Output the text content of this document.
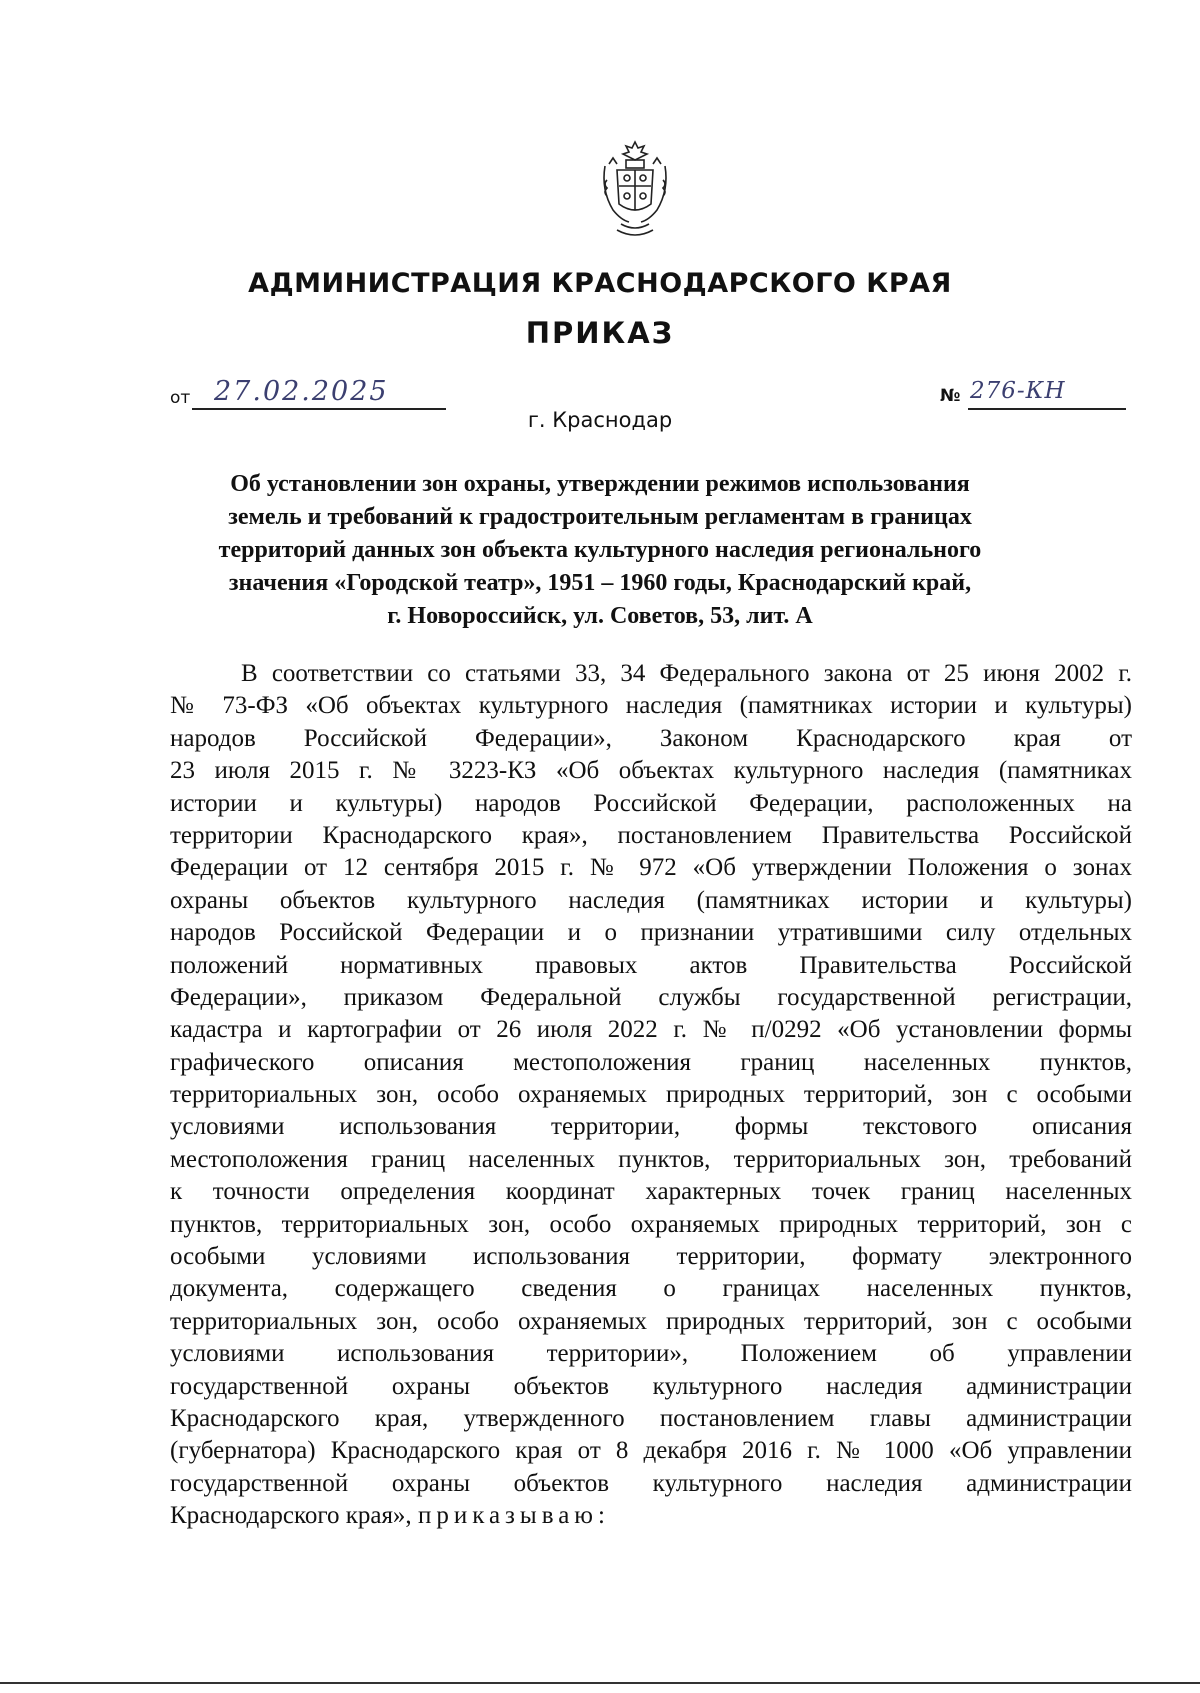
АДМИНИСТРАЦИЯ КРАСНОДАРСКОГО КРАЯ
ПРИКАЗ
от 27.02.2025	№ 276-КН
г. Краснодар
Об установлении зон охраны, утверждении режимов использования
земель и требований к градостроительным регламентам в границах
территорий данных зон объекта культурного наследия регионального
значения «Городской театр», 1951 – 1960 годы, Краснодарский край,
г. Новороссийск, ул. Советов, 53, лит. А
В соответствии со статьями 33, 34 Федерального закона от 25 июня 2002 г.
№ 73-ФЗ «Об объектах культурного наследия (памятниках истории и культуры)
народов Российской Федерации», Законом Краснодарского края от
23 июля 2015 г. № 3223-КЗ «Об объектах культурного наследия (памятниках
истории и культуры) народов Российской Федерации, расположенных на
территории Краснодарского края», постановлением Правительства Российской
Федерации от 12 сентября 2015 г. № 972 «Об утверждении Положения о зонах
охраны объектов культурного наследия (памятниках истории и культуры)
народов Российской Федерации и о признании утратившими силу отдельных
положений нормативных правовых актов Правительства Российской
Федерации», приказом Федеральной службы государственной регистрации,
кадастра и картографии от 26 июля 2022 г. № п/0292 «Об установлении формы
графического описания местоположения границ населенных пунктов,
территориальных зон, особо охраняемых природных территорий, зон с особыми
условиями использования территории, формы текстового описания
местоположения границ населенных пунктов, территориальных зон, требований
к точности определения координат характерных точек границ населенных
пунктов, территориальных зон, особо охраняемых природных территорий, зон с
особыми условиями использования территории, формату электронного
документа, содержащего сведения о границах населенных пунктов,
территориальных зон, особо охраняемых природных территорий, зон с особыми
условиями использования территории», Положением об управлении
государственной охраны объектов культурного наследия администрации
Краснодарского края, утвержденного постановлением главы администрации
(губернатора) Краснодарского края от 8 декабря 2016 г. № 1000 «Об управлении
государственной охраны объектов культурного наследия администрации
Краснодарского края», приказываю:
